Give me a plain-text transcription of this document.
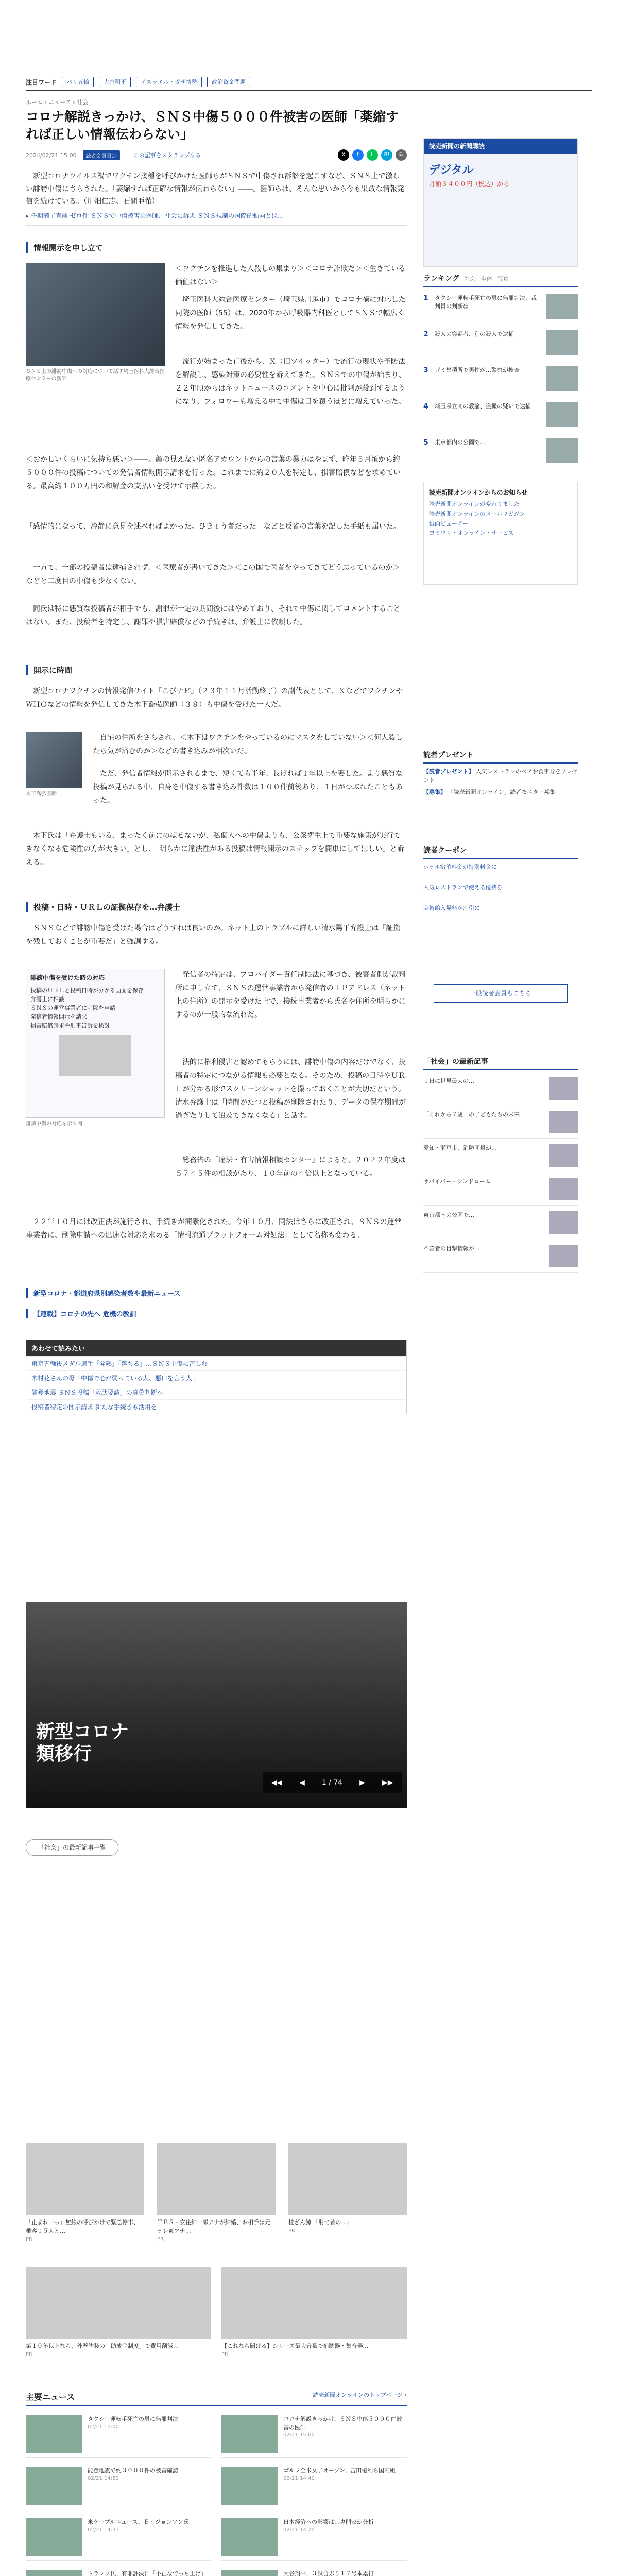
注目ワード	パリ五輪	大谷翔平	イスラエル・ガザ情勢	政治資金問題
ホーム › ニュース › 社会
コロナ解説きっかけ、ＳＮＳ中傷５０００件被害の医師「薬縮すれば正しい情報伝わらない」
2024/02/21 15:00	読者会員限定	この記事をスクラップする	X	f	L	B!	⧉

　新型コロナウイルス禍でワクチン接種を呼びかけた医師らがＳＮＳで中傷され訴訟を起こすなど、ＳＮＳ上で激しい誹謗中傷にさらされた。「萎縮すれば正確な情報が伝わらない」――。医師らは、そんな思いから今も果敢な情報発信を続けている。（川畑仁志、石間亜希）

▸ 任期満了直前 ゼロ件 ＳＮＳで中傷被害の医師、社会に訴え ＳＮＳ規制の国際的動向とは…
情報開示を申し立て
ＳＮＳ上の誹謗中傷への対応について話す埼玉医科大総合医療センターの医師

＜ワクチンを推進した人殺しの集まり＞＜コロナ詐欺だ＞＜生きている価値はない＞

　埼玉医科大総合医療センター（埼玉県川越市）でコロナ禍に対応した同院の医師（55）は、2020年から呼吸器内科医としてＳＮＳで幅広く情報を発信してきた。

　流行が始まった直後から、Ｘ（旧ツイッター）で流行の現状や予防法を解説し、感染対策の必要性を訴えてきた。ＳＮＳでの中傷が始まり、２２年頃からはネットニュースのコメントを中心に批判が殺到するようになり、フォロワーも増える中で中傷は目を覆うほどに増えていった。

＜おかしいくらいに気持ち悪い＞――。顔の見えない匿名アカウントからの言葉の暴力はやまず、昨年５月頃から約５０００件の投稿についての発信者情報開示請求を行った。これまでに約２０人を特定し、損害賠償などを求めている。最高約１００万円の和解金の支払いを受けて示談した。

「感情的になって、冷静に意見を述べればよかった。ひきょう者だった」などと反省の言葉を記した手紙も届いた。

　一方で、一部の投稿者は逮捕されず、＜医療者が書いてきた＞＜この国で医者をやってきてどう思っているのか＞などと二度目の中傷も少なくない。

　同氏は特に悪質な投稿者が相手でも、謝罪が一定の期間後にはやめており、それで中傷に関してコメントすることはない。また、投稿者を特定し、謝罪や損害賠償などの手続きは、弁護士に依頼した。

開示に時間

　新型コロナワクチンの情報発信サイト「こびナビ」（２３年１１月活動終了）の副代表として、ＸなどでワクチンやＷＨＯなどの情報を発信してきた木下喬弘医師（３８）も中傷を受けた一人だ。

木下喬弘医師

　自宅の住所をさらされ、＜木下はワクチンをやっているのにマスクをしていない＞＜何人殺したら気が済むのか＞などの書き込みが相次いだ。

　ただ、発信者情報が開示されるまで、短くても半年、長ければ１年以上を要した。より悪質な投稿が見られる中、自身を中傷する書き込み件数は１００件前後あり、１日がつぶれたこともあった。

　木下氏は「弁護士もいる、まったく前にのばせないが、私個人への中傷よりも、公衆衛生上で重要な施策が実行できなくなる危険性の方が大きい」とし、「明らかに違法性がある投稿は情報開示のステップを簡単にしてほしい」と訴える。

投稿・日時・ＵＲＬの証拠保存を…弁護士

　ＳＮＳなどで誹謗中傷を受けた場合はどうすれば良いのか。ネット上のトラブルに詳しい清水陽平弁護士は「証拠を残しておくことが重要だ」と強調する。

誹謗中傷を受けた時の対応
投稿のＵＲＬと投稿日時が分かる画面を保存
弁護士に相談
ＳＮＳの運営事業者に削除を申請
発信者情報開示を請求
損害賠償請求や刑事告訴を検討
誹謗中傷の対応を示す図

　発信者の特定は、プロバイダー責任制限法に基づき、被害者側が裁判所に申し立て、ＳＮＳの運営事業者から発信者のＩＰアドレス（ネット上の住所）の開示を受けた上で、接続事業者から氏名や住所を明らかにするのが一般的な流れだ。

　法的に権利侵害と認めてもらうには、誹謗中傷の内容だけでなく、投稿者の特定につながる情報も必要となる。そのため、投稿の日時やＵＲＬが分かる形でスクリーンショットを撮っておくことが大切だという。清水弁護士は「時間がたつと投稿が削除されたり、データの保存期間が過ぎたりして追及できなくなる」と話す。

　総務省の「違法・有害情報相談センター」によると、２０２２年度は５７４５件の相談があり、１０年前の４倍以上となっている。

　２２年１０月には改正法が施行され、手続きが簡素化された。今年１０月、同法はさらに改正され、ＳＮＳの運営事業者に、削除申請への迅速な対応を求める「情報流通プラットフォーム対処法」として名称も変わる。

新型コロナ・都道府県別感染者数や最新ニュース
【連載】コロナの先へ 危機の教訓
あわせて読みたい
東京五輪後メダル選手「発熱」「落ちる」…ＳＮＳ中傷に苦しむ
木村花さんの母「中傷で心が弱っている人、悪口を言う人」
能登地震 ＳＮＳ投稿「救助要請」の真偽判断へ
投稿者特定の開示請求 新たな手続きも活用を
新型コロナ
類移行
◀◀ ◀ 1 / 74 ▶ ▶▶
「社会」の最新記事一覧
「止まれ一っ」無線の呼びかけで緊急停車、乗客１５人と…
PR
ＴＢＳ・安住紳一郎アナが結婚、お相手は元テレ東アナ…
PR
桂ざん鯨 「肘で首の…」
PR
第１０年以上なら、外壁塗装の「助成金制度」で費用削減…
PR
【これなら聞ける】シリーズ最大音量で補聴器・集音器…
PR
主要ニュース	読売新聞オンラインのトップページ ›
タクシー運転手死亡の男に無罪判決
02/21 15:00
コロナ解説きっかけ、ＳＮＳ中傷５０００件被害の医師
02/21 15:00
能登地震で約３０００件の被害確認
02/21 14:52
ゴルフ全米女子オープン、吉田優利ら国内組
02/21 14:40
米ケーブルニュース、Ｅ・ジョンソン氏
02/21 14:31
日本経済への影響は…専門家が分析
02/21 14:20
トランプ氏、有罪評決に「不正なでっち上げ」	大谷翔平、３試合ぶり１７号本塁打
読売新聞の新聞購読
デジタル
月額３４００円（税込）から
ランキング 社会 全体 写真
1	タクシー運転手死亡の男に無罪判決、裁判員の判断は
2	殺人の容疑者、別の殺人で逮捕
3	ゴミ集積所で男性が…警察が捜査
4	埼玉県立高の教諭、盗撮の疑いで逮捕
5	東京都内の公園で…
読売新聞オンラインからのお知らせ
読売新聞オンラインが変わりました
読売新聞オンラインのメールマガジン
紙面ビューアー
ヨミウリ・オンライン・サービス
読者プレゼント
【読者プレゼント】 人気レストランのペアお食事券をプレゼント
【募集】 「読売新聞オンライン」読者モニター募集
読者クーポン
ホテル宿泊料金が特別料金に
人気レストランで使える優待券
美術館入場料が割引に
一般読者会員もこちら
「社会」の最新記事
１日に世界最大の…
「これから７歳」の子どもたちの未来
愛知・瀬戸市、消防団員が…
サバイバー・シンドローム
東京都内の公園で…
不審者の目撃情報が…
